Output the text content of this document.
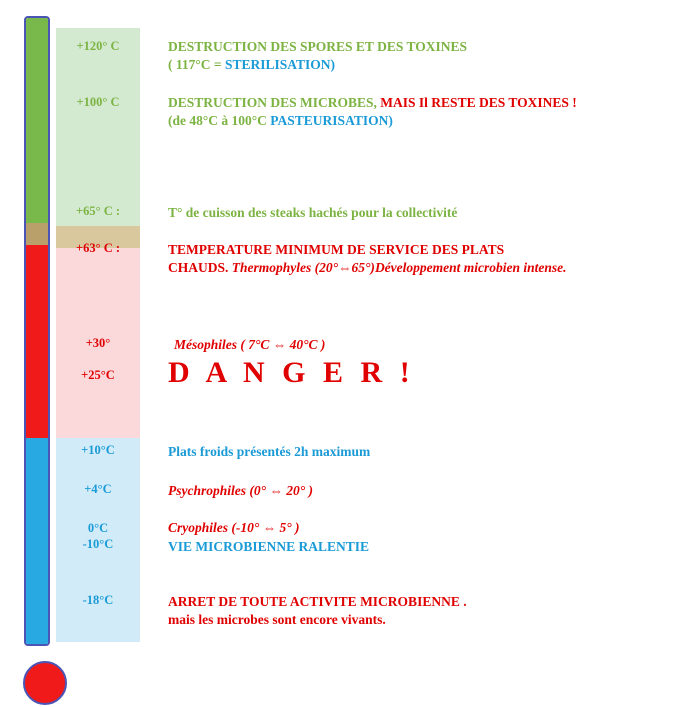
+120° C
+100° C
+65° C :
+63° C :
+30°
+25°C
+10°C
+4°C
0°C
-10°C
-18°C
DESTRUCTION DES SPORES ET DES TOXINES
( 117°C = STERILISATION)
DESTRUCTION DES MICROBES, MAIS Il RESTE DES TOXINES !
(de 48°C à 100°C PASTEURISATION)
T° de cuisson des steaks hachés pour la collectivité
TEMPERATURE MINIMUM DE SERVICE DES PLATS
CHAUDS. Thermophyles (20°⇔65°)Développement microbien intense.
Mésophiles ( 7°C ⇔ 40°C )
D A N G E R !
Plats froids présentés 2h maximum
Psychrophiles (0° ⇔ 20° )
Cryophiles (-10° ⇔ 5° )
VIE MICROBIENNE RALENTIE
ARRET DE TOUTE ACTIVITE MICROBIENNE .
mais les microbes sont encore vivants.
